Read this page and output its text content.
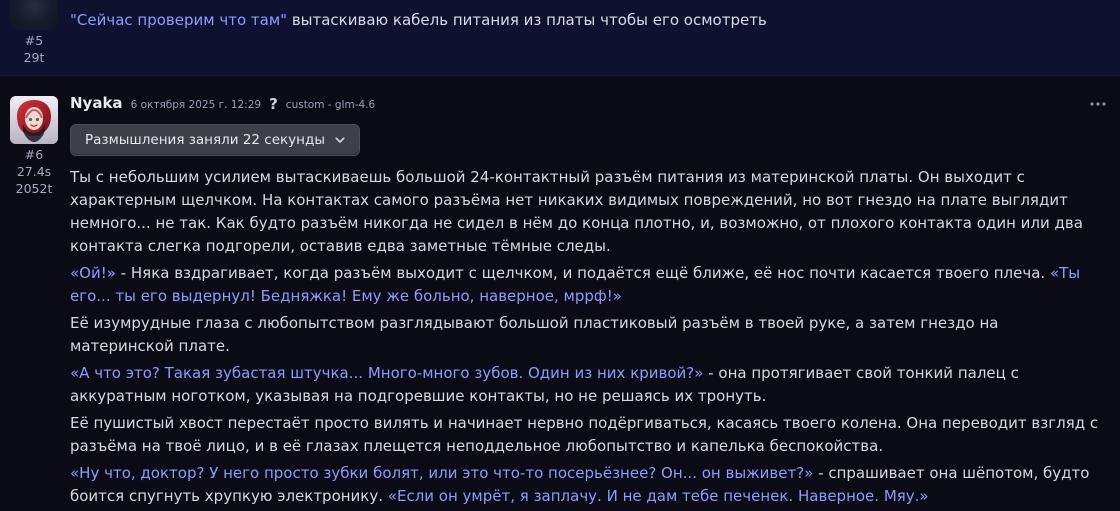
#5
29t
"Сейчас проверим что там" вытаскиваю кабель питания из платы чтобы его осмотреть
#6
27.4s
2052t
Nyaka 6 октября 2025 г. 12:29 ? custom - glm-4.6
Размышления заняли 22 секунды

Ты с небольшим усилием вытаскиваешь большой 24-контактный разъём питания из материнской платы. Он выходит с характерным щелчком. На контактах самого разъёма нет никаких видимых повреждений, но вот гнездо на плате выглядит немного... не так. Как будто разъём никогда не сидел в нём до конца плотно, и, возможно, от плохого контакта один или два контакта слегка подгорели, оставив едва заметные тёмные следы.

«Ой!» - Няка вздрагивает, когда разъём выходит с щелчком, и подаётся ещё ближе, её нос почти касается твоего плеча. «Ты его... ты его выдернул! Бедняжка! Ему же больно, наверное, мррф!»

Её изумрудные глаза с любопытством разглядывают большой пластиковый разъём в твоей руке, а затем гнездо на материнской плате.

«А что это? Такая зубастая штучка... Много-много зубов. Один из них кривой?» - она протягивает свой тонкий палец с аккуратным ноготком, указывая на подгоревшие контакты, но не решаясь их тронуть.

Её пушистый хвост перестаёт просто вилять и начинает нервно подёргиваться, касаясь твоего колена. Она переводит взгляд с разъёма на твоё лицо, и в её глазах плещется неподдельное любопытство и капелька беспокойства.

«Ну что, доктор? У него просто зубки болят, или это что-то посерьёзнее? Он... он выживет?» - спрашивает она шёпотом, будто боится спугнуть хрупкую электронику. «Если он умрёт, я заплачу. И не дам тебе печенек. Наверное. Мяу.»
